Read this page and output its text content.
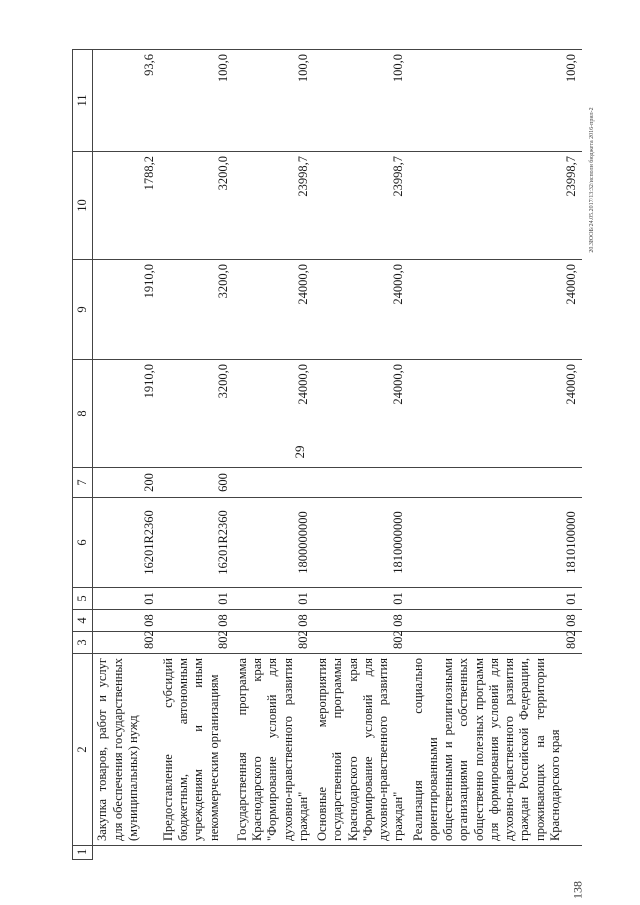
29
138
20.3ЮОБ/24.05.2017/13:32/исполн бюджета 2016-прил-2
1	2	3	4	5	6	7	8	9	10	11
	Закупка товаров, работ и услуг для обеспечения государственных (муниципальных) нужд	802	08	01	16201R2360	200	1910,0	1910,0	1788,2	93,6
	Предоставление субсидий бюджетным, автономным учреждениям и иным некоммерческим организациям	802	08	01	16201R2360	600	3200,0	3200,0	3200,0	100,0
	Государственная программа Краснодарского края "Формирование условий для духовно-нравственного развития граждан"	802	08	01	1800000000		24000,0	24000,0	23998,7	100,0
	Основные мероприятия государственной программы Краснодарского края "Формирование условий для духовно-нравственного развития граждан"	802	08	01	1810000000		24000,0	24000,0	23998,7	100,0
	Реализация социально ориентированными общественными и религиозными организациями собственных общественно полезных программ для формирования условий для духовно-нравственного развития граждан Российской Федерации, проживающих на территории Краснодарского края	802	08	01	1810100000		24000,0	24000,0	23998,7	100,0
